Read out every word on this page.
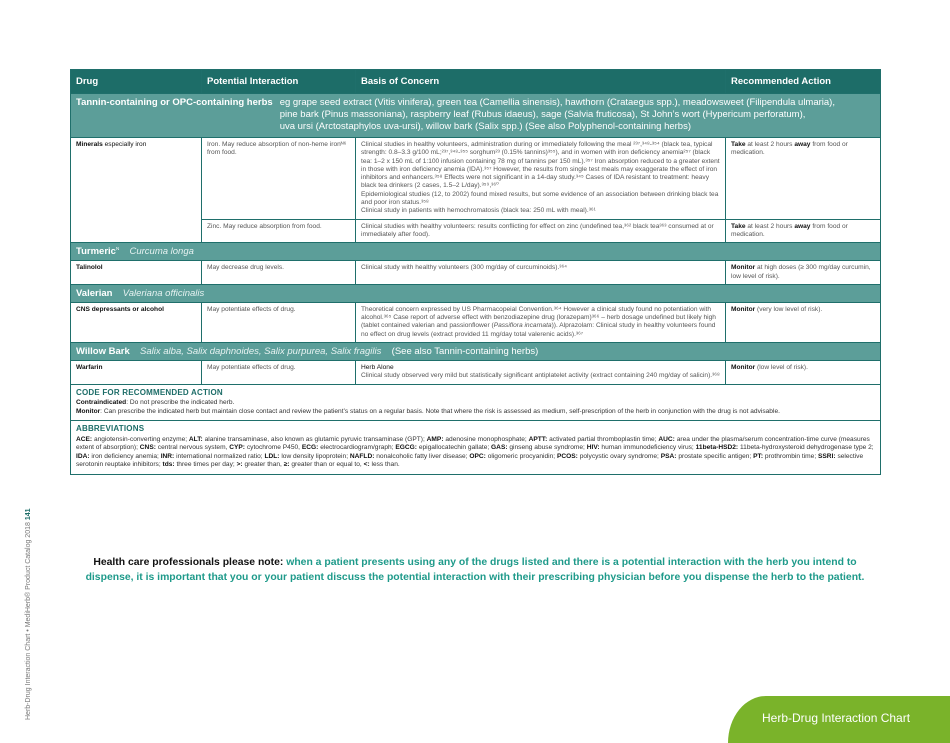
Drug	Potential Interaction	Basis of Concern	Recommended Action

Tannin-containing or OPC-containing herbs eg grape seed extract (Vitis vinifera), green tea (Camellia sinensis), hawthorn (Crataegus spp.), meadowsweet (Filipendula ulmaria),
pine bark (Pinus massoniana), raspberry leaf (Rubus idaeus), sage (Salvia fruticosa), St John’s wort (Hypericum perforatum),
uva ursi (Arctostaphylos uva-ursi), willow bark (Salix spp.) (See also Polyphenol-containing herbs)			

Minerals especially iron	Iron. May reduce absorption of non-heme ironᴺ⁶ from food.	Clinical studies in healthy volunteers, administration during or immediately following the meal ²³⁷,³⁴⁸-³⁵⁴ (black tea, typical strength: 0.8–3.3 g/100 mL;²³⁷,³⁴⁸-³⁵⁵ sorghum²³ (0.15% tannins)³⁵⁵), and in women with iron deficiency anemia²⁵⁷ (black tea: 1–2 x 150 mL of 1:100 infusion containing 78 mg of tannins per 150 mL).³⁵⁷ Iron absorption reduced to a greater extent in those with iron deficiency anemia (IDA).³⁵⁷ However, the results from single test meals may exaggerate the effect of iron inhibitors and enhancers.³⁵⁸ Effects were not significant in a 14-day study.³⁴⁵ Cases of IDA resistant to treatment: heavy black tea drinkers (2 cases, 1.5–2 L/day).³⁵⁹,³⁶⁰
Epidemiological studies (12, to 2002) found mixed results, but some evidence of an association between drinking black tea and poor iron status.³⁵⁸
Clinical study in patients with hemochromatosis (black tea: 250 mL with meal).³⁶¹	Take at least 2 hours away from food or medication.
	Zinc. May reduce absorption from food.	Clinical studies with healthy volunteers: results conflicting for effect on zinc (undefined tea,³⁶² black tea³⁶³ consumed at or immediately after food).	Take at least 2 hours away from food or medication.
Turmeric$^N$ Curcuma longa			
Talinolol	May decrease drug levels.	Clinical study with healthy volunteers (300 mg/day of curcuminoids).³⁶⁴	Monitor at high doses (≥ 300 mg/day curcumin, low level of risk).
Valerian Valeriana officinalis			
CNS depressants or alcohol	May potentiate effects of drug.	Theoretical concern expressed by US Pharmacopeial Convention.³⁶⁴ However a clinical study found no potentiation with alcohol.³⁶⁵ Case report of adverse effect with benzodiazepine drug (lorazepam)³⁶⁶ – herb dosage undefined but likely high (tablet contained valerian and passionflower (Passiflora incarnata)). Alprazolam: Clinical study in healthy volunteers found no effect on drug levels (extract provided 11 mg/day total valerenic acids).³⁶⁷	Monitor (very low level of risk).
Willow Bark Salix alba, Salix daphnoides, Salix purpurea, Salix fragilis (See also Tannin-containing herbs)			
Warfarin	May potentiate effects of drug.	Herb Alone
Clinical study observed very mild but statistically significant antiplatelet activity (extract containing 240 mg/day of salicin).³⁶⁸	Monitor (low level of risk).

CODE FOR RECOMMENDED ACTION
Contraindicated: Do not prescribe the indicated herb.
Monitor: Can prescribe the indicated herb but maintain close contact and review the patient’s status on a regular basis. Note that where the risk is assessed as medium, self-prescription of the herb in conjunction with the drug is not advisable.			

ABBREVIATIONS
ACE: angiotensin-converting enzyme; ALT: alanine transaminase, also known as glutamic pyruvic transaminase (GPT); AMP: adenosine monophosphate; APTT: activated partial thromboplastin time; AUC: area under the plasma/serum concentration-time curve (measures extent of absorption); CNS: central nervous system, CYP: cytochrome P450, ECG: electrocardiogram/graph; EGCG: epigallocatechin gallate; GAS: ginseng abuse syndrome; HIV: human immunodeficiency virus; 11beta-HSD2: 11beta-hydroxysteroid dehydrogenase type 2; IDA: iron deficiency anemia; INR: international normalized ratio; LDL: low density lipoprotein; NAFLD: nonalcoholic fatty liver disease; OPC: oligomeric procyanidin; PCOS: polycystic ovary syndrome; PSA: prostate specific antigen; PT: prothrombin time; SSRI: selective serotonin reuptake inhibitors; tds: three times per day; >: greater than, ≥: greater than or equal to, <: less than.			
Health care professionals please note: when a patient presents using any of the drugs listed and there is a potential interaction with the herb you intend to dispense, it is important that you or your patient discuss the potential interaction with their prescribing physician before you dispense the herb to the patient.
Herb-Drug Interaction Chart • MediHerb® Product Catalog 2018 141
Herb-Drug Interaction Chart
